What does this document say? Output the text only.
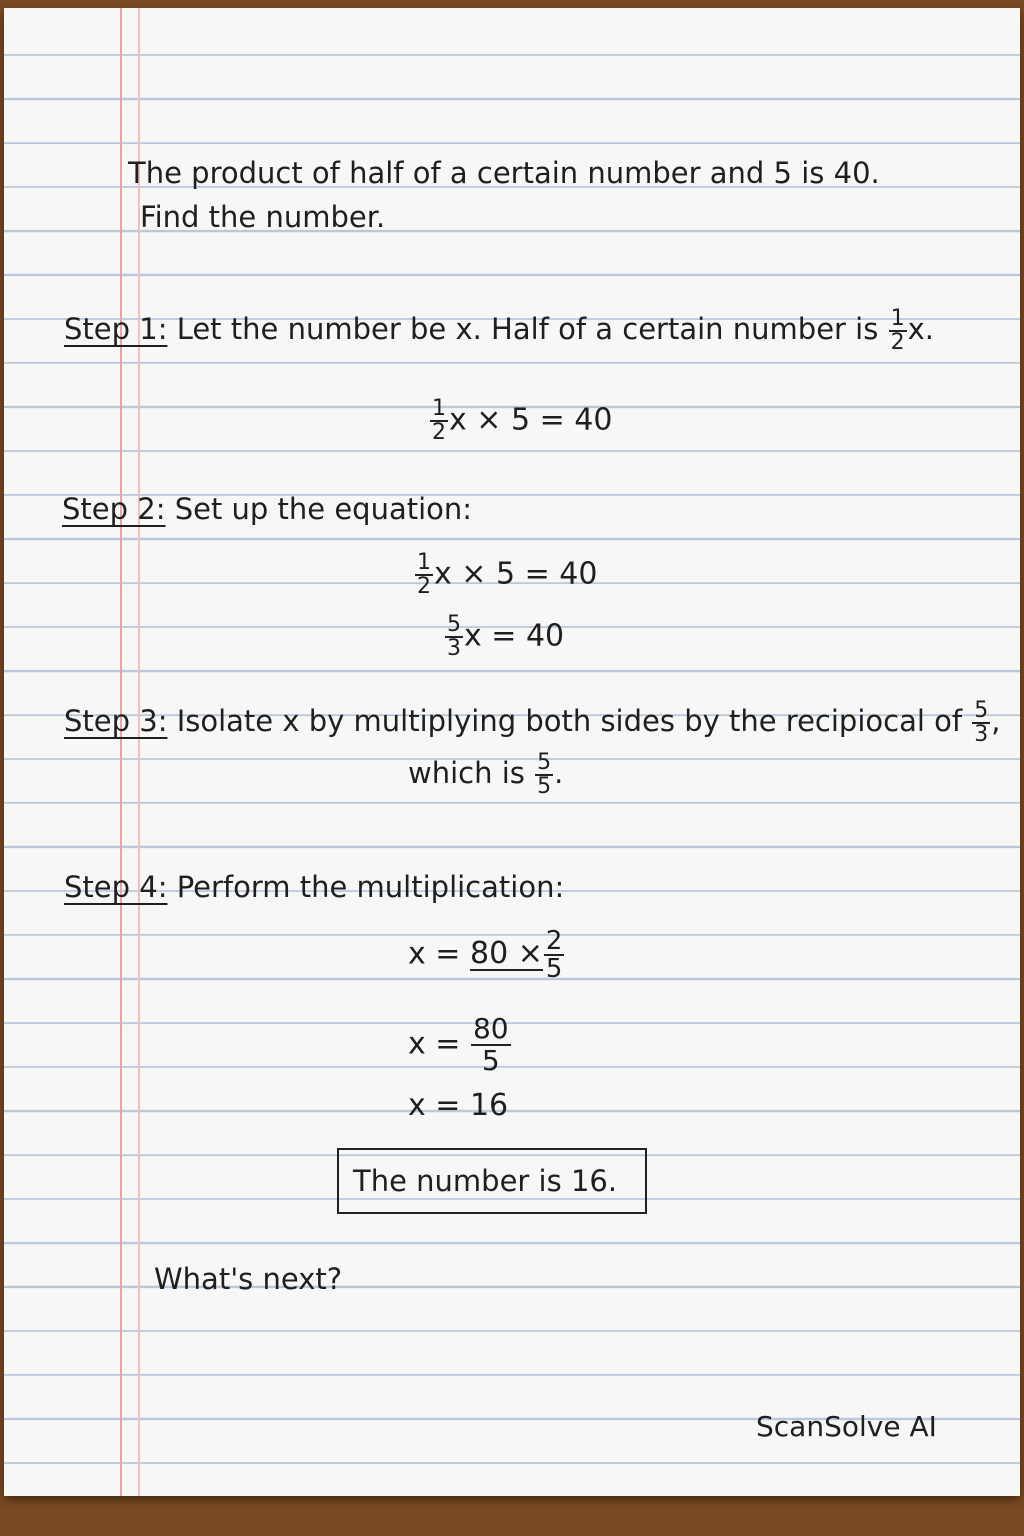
The product of half of a certain number and 5 is 40.
Find the number.
Step 1: Let the number be x. Half of a certain number is $\frac{1}{2} x$.
$\frac{1}{2}$ x × 5 = 40
Step 2: Set up the equation:
$\frac{1}{2}$ x × 5 = 40
$\frac{5}{3}$ x = 40
Step 3: Isolate x by multiplying both sides by the recipiocal of $\frac{5}{3}$ ,
which is $\frac{5}{5}$ .
Step 4: Perform the multiplication:
$x = 80 \times \frac{2}{5}$
$x = \frac{80}{5}$
x = 16
The number is 16.
What's next?
ScanSolve AI
